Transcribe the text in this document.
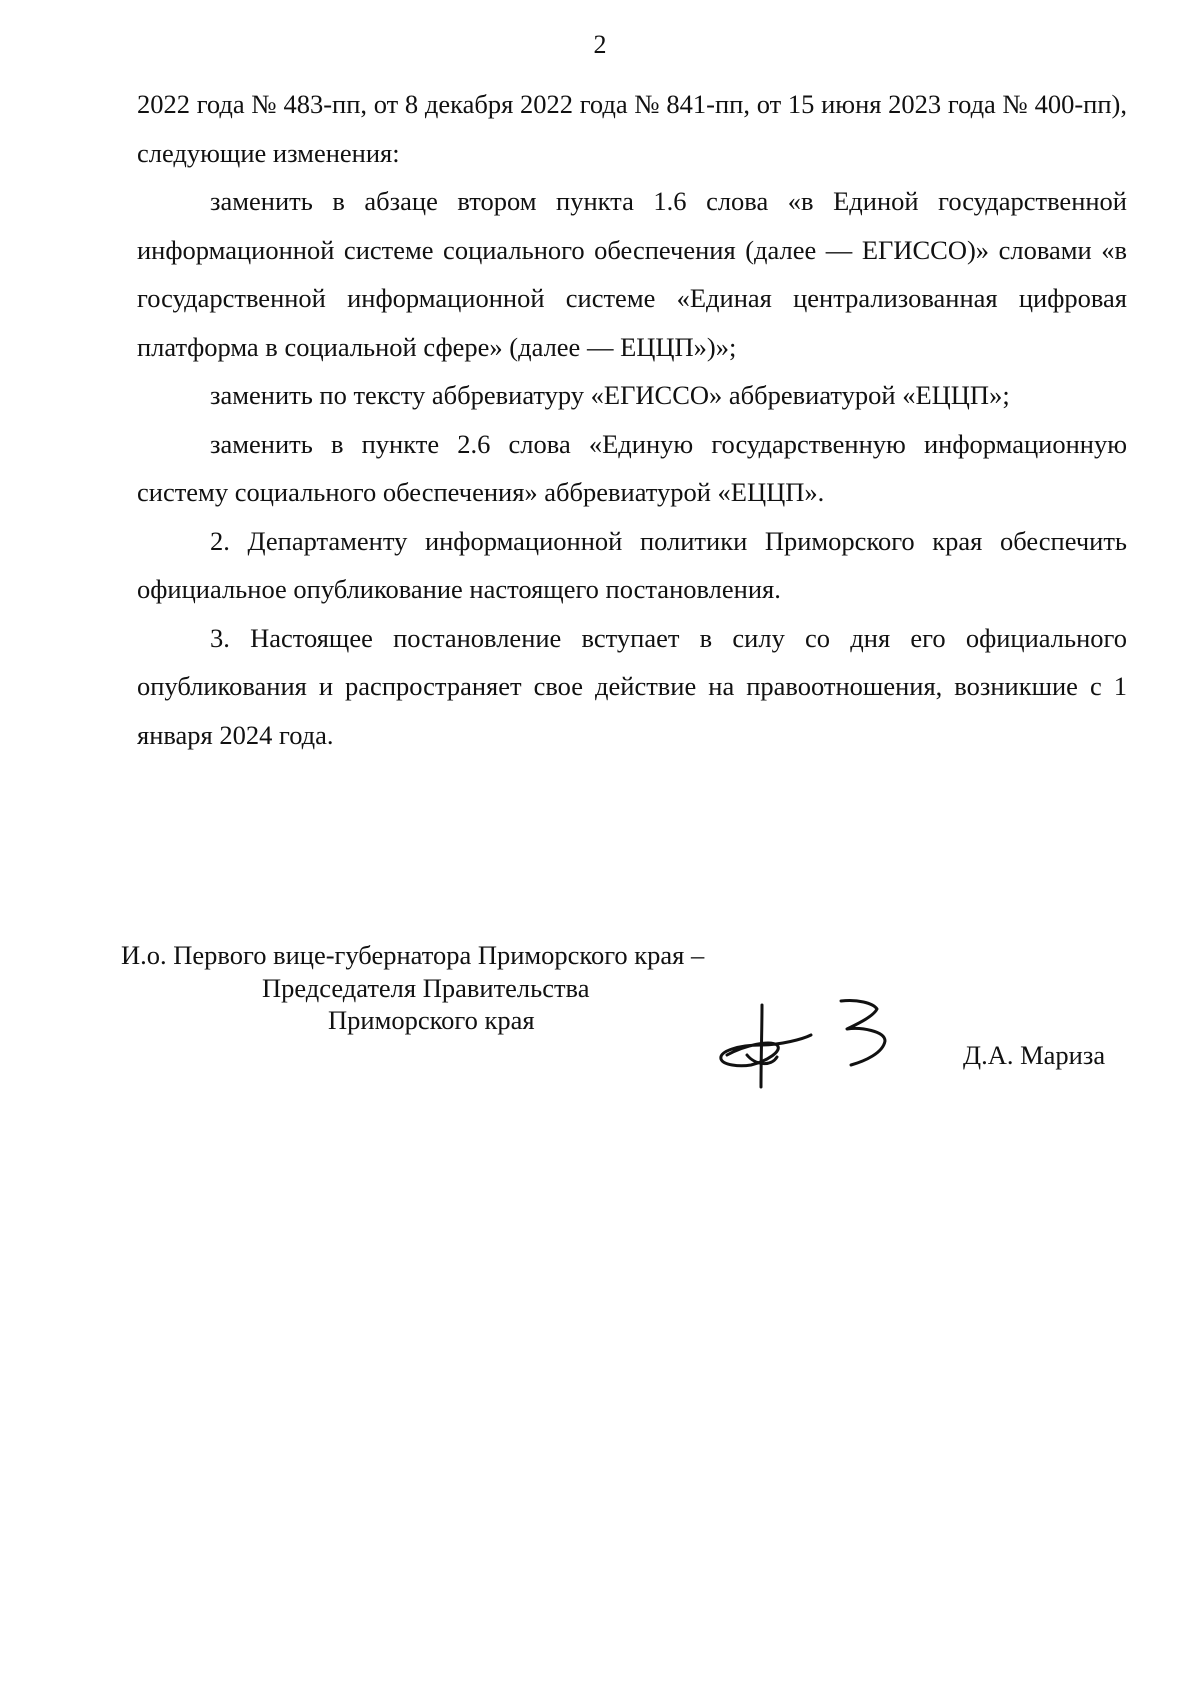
2

2022 года № 483-пп, от 8 декабря 2022 года № 841-пп, от 15 июня 2023 года № 400-пп), следующие изменения:

заменить в абзаце втором пункта 1.6 слова «в Единой государственной информационной системе социального обеспечения (далее — ЕГИССО)» словами «в государственной информационной системе «Единая централизованная цифровая платформа в социальной сфере» (далее — ЕЦЦП»)»;

заменить по тексту аббревиатуру «ЕГИССО» аббревиатурой «ЕЦЦП»;

заменить в пункте 2.6 слова «Единую государственную информационную систему социального обеспечения» аббревиатурой «ЕЦЦП».

2. Департаменту информационной политики Приморского края обеспечить официальное опубликование настоящего постановления.

3. Настоящее постановление вступает в силу со дня его официального опубликования и распространяет свое действие на правоотношения, возникшие с 1 января 2024 года.

И.о. Первого вице-губернатора Приморского края –
Председателя Правительства
Приморского края
Д.А. Мариза
